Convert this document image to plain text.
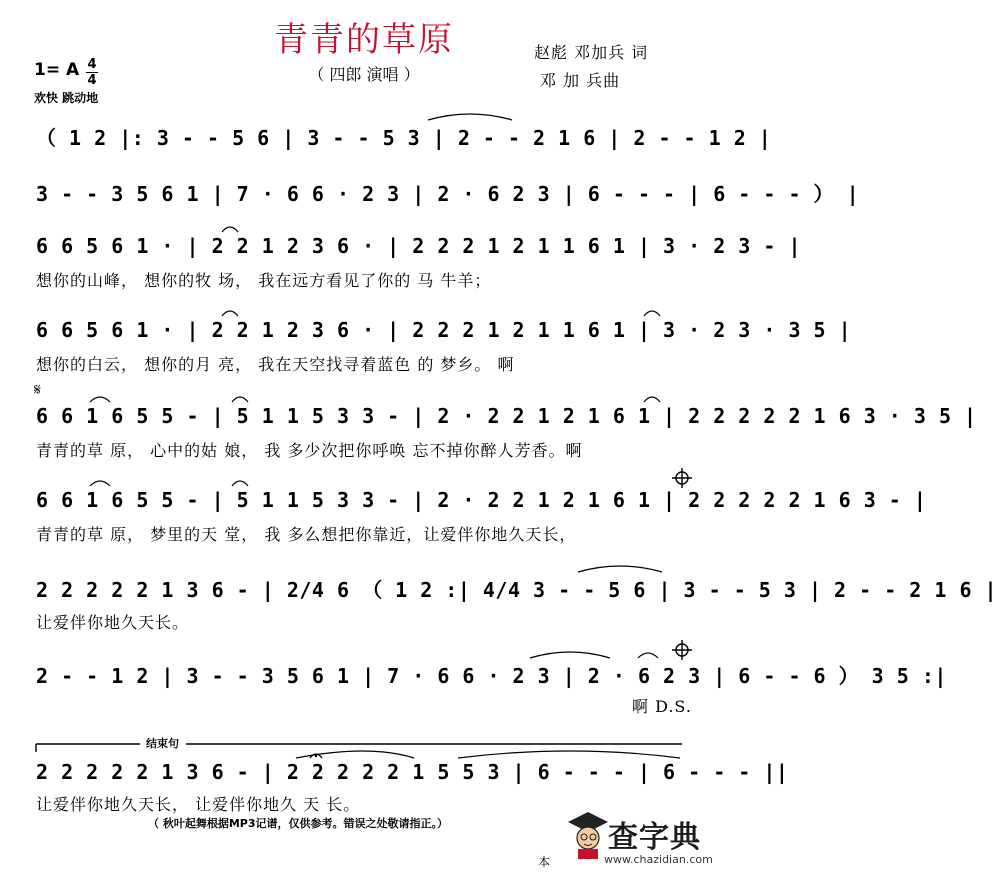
青青的草原
（ 四郎 演唱 ）
赵彪 邓加兵 词
邓 加 兵曲
1= A 4
4
欢快 跳动地
（ 1 2 |: 3 - - 5 6 | 3 - - 5 3 | 2 - - 2 1 6 | 2 - - 1 2 |
3 - - 3 5 6 1 | 7 · 6 6 · 2 3 | 2 · 6 2 3 | 6 - - - | 6 - - - ） |
6 6 5 6 1 · | 2 2 1 2 3 6 · | 2 2 2 1 2 1 1 6 1 | 3 · 2 3 - |
想你的山峰， 想你的牧 场， 我在远方看见了你的 马 牛羊；
6 6 5 6 1 · | 2 2 1 2 3 6 · | 2 2 2 1 2 1 1 6 1 | 3 · 2 3 · 3 5 |
想你的白云， 想你的月 亮， 我在天空找寻着蓝色 的 梦乡。 啊
𝄋
6 6 1 6 5 5 - | 5 1 1 5 3 3 - | 2 · 2 2 1 2 1 6 1 | 2 2 2 2 2 1 6 3 · 3 5 |
青青的草 原， 心中的姑 娘， 我 多少次把你呼唤 忘不掉你醉人芳香。啊
6 6 1 6 5 5 - | 5 1 1 5 3 3 - | 2 · 2 2 1 2 1 6 1 | 2 2 2 2 2 1 6 3 - |
青青的草 原， 梦里的天 堂， 我 多么想把你靠近，让爱伴你地久天长，
2 2 2 2 2 1 3 6 - | 2/4 6 （ 1 2 :| 4/4 3 - - 5 6 | 3 - - 5 3 | 2 - - 2 1 6 |
让爱伴你地久天长。
2 - - 1 2 | 3 - - 3 5 6 1 | 7 · 6 6 · 2 3 | 2 · 6 2 3 | 6 - - 6 ） 3 5 :|
啊 D.S.
结束句
2 2 2 2 2 1 3 6 - | 2 2 2 2 2 1 5 5 3 | 6 - - - | 6 - - - ||
让爱伴你地久天长， 让爱伴你地久 天 长。
（ 秋叶起舞根据MP3记谱，仅供参考。错误之处敬请指正。）	查字典
www.chazidian.com
本
